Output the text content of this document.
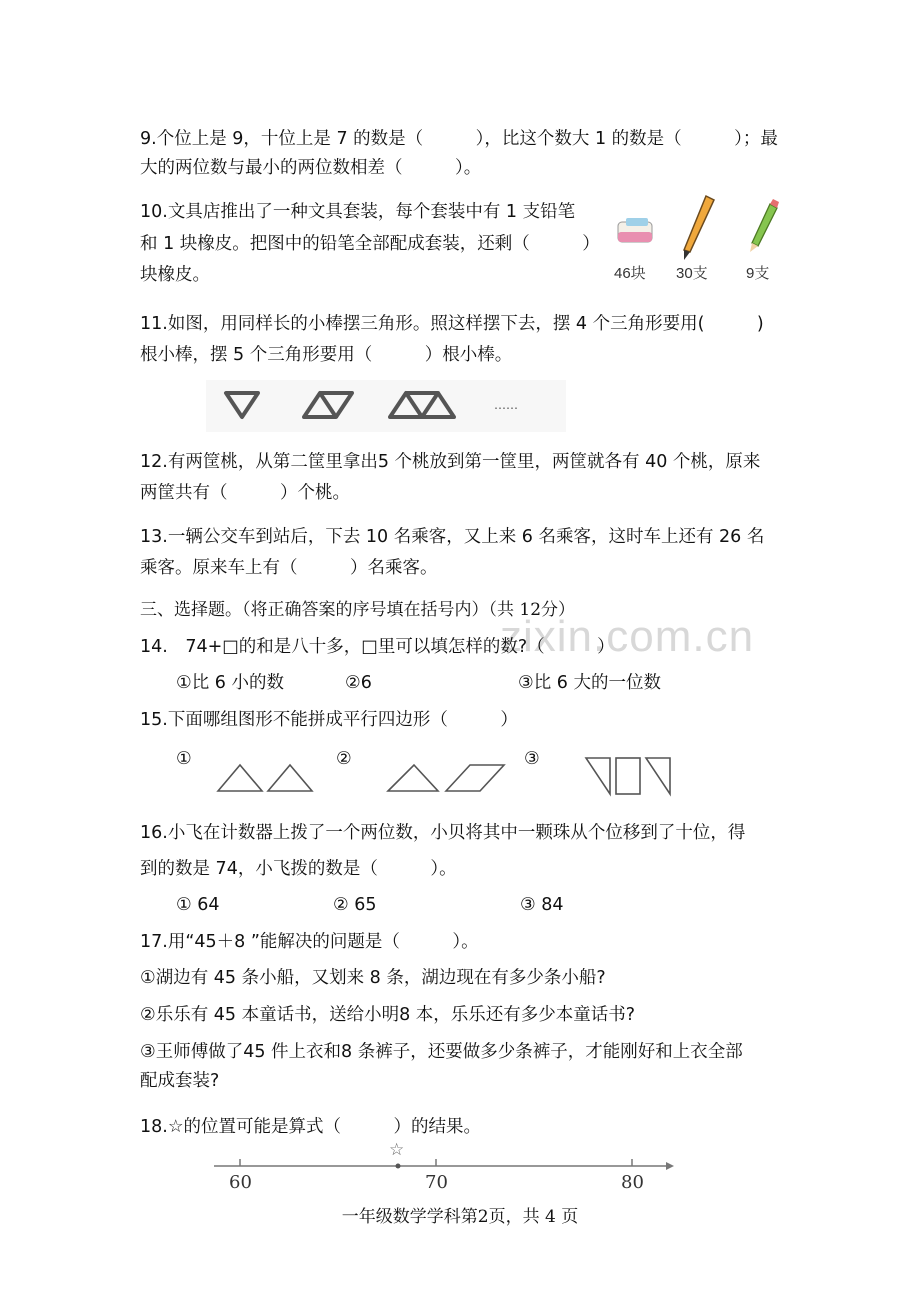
9.个位上是 9，十位上是 7 的数是（　　　），比这个数大 1 的数是（　　　）；最
大的两位数与最小的两位数相差（　　　）。
10.文具店推出了一种文具套装，每个套装中有 1 支铅笔
和 1 块橡皮。把图中的铅笔全部配成套装，还剩（　　　）
块橡皮。	46块 30支	9支
11.如图，用同样长的小棒摆三角形。照这样摆下去，摆 4 个三角形要用(　　　)
根小棒，摆 5 个三角形要用（　　　）根小棒。
……
12.有两筐桃，从第二筐里拿出5 个桃放到第一筐里，两筐就各有 40 个桃，原来
两筐共有（　　　）个桃。
13.一辆公交车到站后，下去 10 名乘客，又上来 6 名乘客，这时车上还有 26 名
乘客。原来车上有（　　　）名乘客。
三、选择题。（将正确答案的序号填在括号内）（共 12分）
zixin.com.cn
14.　74+□的和是八十多，□里可以填怎样的数?（　　　）
①比 6 小的数	②6	③比 6 大的一位数
15.下面哪组图形不能拼成平行四边形（　　　）
①	②	③
16.小飞在计数器上拨了一个两位数，小贝将其中一颗珠从个位移到了十位，得
到的数是 74，小飞拨的数是（　　　）。
① 64	② 65	③ 84
17.用“45＋8 ”能解决的问题是（　　　）。
①湖边有 45 条小船，又划来 8 条，湖边现在有多少条小船?
②乐乐有 45 本童话书，送给小明8 本，乐乐还有多少本童话书?
③王师傅做了45 件上衣和8 条裤子，还要做多少条裤子，才能刚好和上衣全部
配成套装?
18.☆的位置可能是算式（　　　）的结果。
☆
60	70	80
一年级数学学科第2页，共 4 页
